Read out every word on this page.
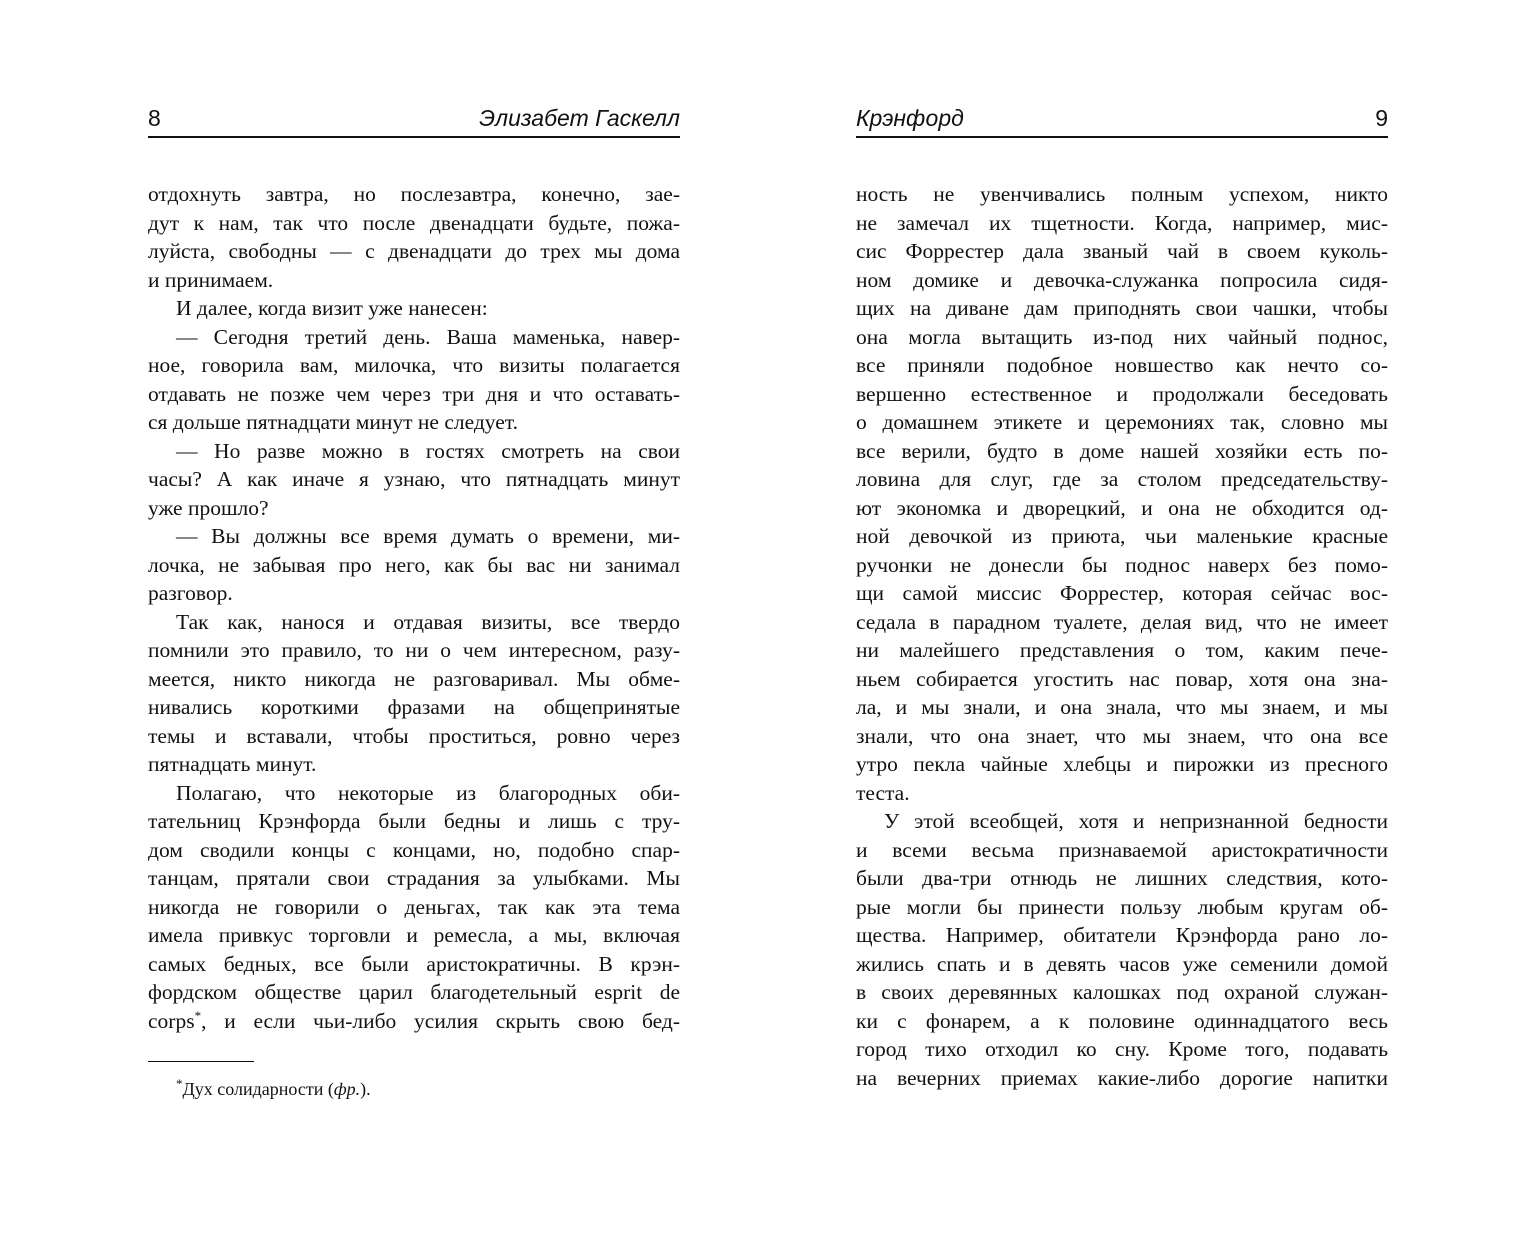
8	Элизабет Гаскелл
отдохнуть завтра, но послезавтра, конечно, зае-
дут к нам, так что после двенадцати будьте, пожа-
луйста, свободны — с двенадцати до трех мы дома
и принимаем.
И далее, когда визит уже нанесен:
— Сегодня третий день. Ваша маменька, навер-
ное, говорила вам, милочка, что визиты полагается
отдавать не позже чем через три дня и что оставать-
ся дольше пятнадцати минут не следует.
— Но разве можно в гостях смотреть на свои
часы? А как иначе я узнаю, что пятнадцать минут
уже прошло?
— Вы должны все время думать о времени, ми-
лочка, не забывая про него, как бы вас ни занимал
разговор.
Так как, нанося и отдавая визиты, все твердо
помнили это правило, то ни о чем интересном, разу-
меется, никто никогда не разговаривал. Мы обме-
нивались короткими фразами на общепринятые
темы и вставали, чтобы проститься, ровно через
пятнадцать минут.
Полагаю, что некоторые из благородных оби-
тательниц Крэнфорда были бедны и лишь с тру-
дом сводили концы с концами, но, подобно спар-
танцам, прятали свои страдания за улыбками. Мы
никогда не говорили о деньгах, так как эта тема
имела привкус торговли и ремесла, а мы, включая
самых бедных, все были аристократичны. В крэн-
фордском обществе царил благодетельный esprit de
corps*, и если чьи-либо усилия скрыть свою бед-
*Дух солидарности (фр.).
Крэнфорд	9
ность не увенчивались полным успехом, никто
не замечал их тщетности. Когда, например, мис-
сис Форрестер дала званый чай в своем куколь-
ном домике и девочка-служанка попросила сидя-
щих на диване дам приподнять свои чашки, чтобы
она могла вытащить из-под них чайный поднос,
все приняли подобное новшество как нечто со-
вершенно естественное и продолжали беседовать
о домашнем этикете и церемониях так, словно мы
все верили, будто в доме нашей хозяйки есть по-
ловина для слуг, где за столом председательству-
ют экономка и дворецкий, и она не обходится од-
ной девочкой из приюта, чьи маленькие красные
ручонки не донесли бы поднос наверх без помо-
щи самой миссис Форрестер, которая сейчас вос-
седала в парадном туалете, делая вид, что не имеет
ни малейшего представления о том, каким пече-
ньем собирается угостить нас повар, хотя она зна-
ла, и мы знали, и она знала, что мы знаем, и мы
знали, что она знает, что мы знаем, что она все
утро пекла чайные хлебцы и пирожки из пресного
теста.
У этой всеобщей, хотя и непризнанной бедности
и всеми весьма признаваемой аристократичности
были два-три отнюдь не лишних следствия, кото-
рые могли бы принести пользу любым кругам об-
щества. Например, обитатели Крэнфорда рано ло-
жились спать и в девять часов уже семенили домой
в своих деревянных калошках под охраной служан-
ки с фонарем, а к половине одиннадцатого весь
город тихо отходил ко сну. Кроме того, подавать
на вечерних приемах какие-либо дорогие напитки
